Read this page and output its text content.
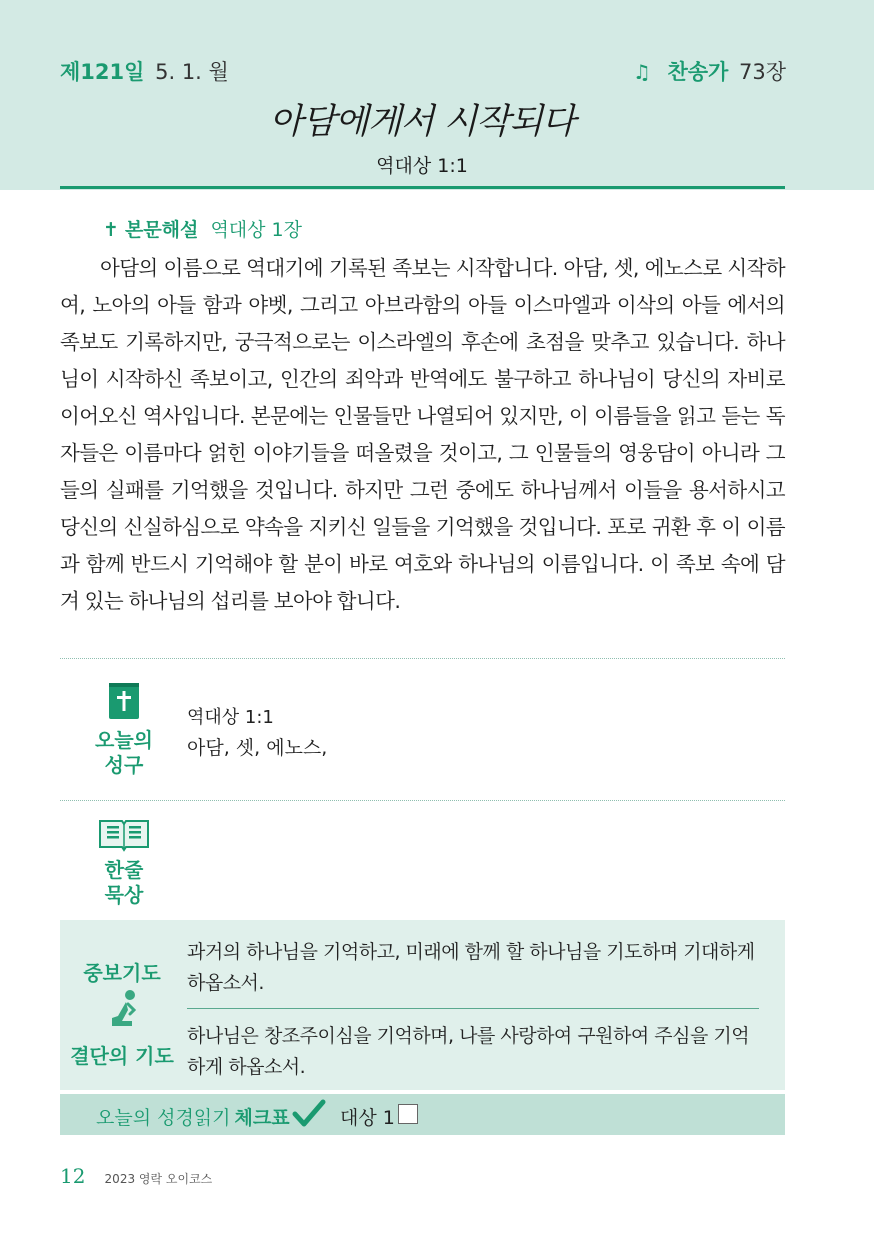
제121일 5. 1. 월	♫ 찬송가 73장
아담에게서 시작되다
역대상 1:1
✝ 본문해설 역대상 1장

아담의 이름으로 역대기에 기록된 족보는 시작합니다. 아담, 셋, 에노스로 시작하여, 노아의 아들 함과 야벳, 그리고 아브라함의 아들 이스마엘과 이삭의 아들 에서의 족보도 기록하지만, 궁극적으로는 이스라엘의 후손에 초점을 맞추고 있습니다. 하나님이 시작하신 족보이고, 인간의 죄악과 반역에도 불구하고 하나님이 당신의 자비로 이어오신 역사입니다. 본문에는 인물들만 나열되어 있지만, 이 이름들을 읽고 듣는 독자들은 이름마다 얽힌 이야기들을 떠올렸을 것이고, 그 인물들의 영웅담이 아니라 그들의 실패를 기억했을 것입니다. 하지만 그런 중에도 하나님께서 이들을 용서하시고 당신의 신실하심으로 약속을 지키신 일들을 기억했을 것입니다. 포로 귀환 후 이 이름과 함께 반드시 기억해야 할 분이 바로 여호와 하나님의 이름입니다. 이 족보 속에 담겨 있는 하나님의 섭리를 보아야 합니다.

오늘의
성구
역대상 1:1
아담, 셋, 에노스,
한줄
묵상
중보기도
결단의 기도
과거의 하나님을 기억하고, 미래에 함께 할 하나님을 기도하며 기대하게 하옵소서.
하나님은 창조주이심을 기억하며, 나를 사랑하여 구원하여 주심을 기억하게 하옵소서.
오늘의 성경읽기 체크표	대상 1
12 2023 영락 오이코스
